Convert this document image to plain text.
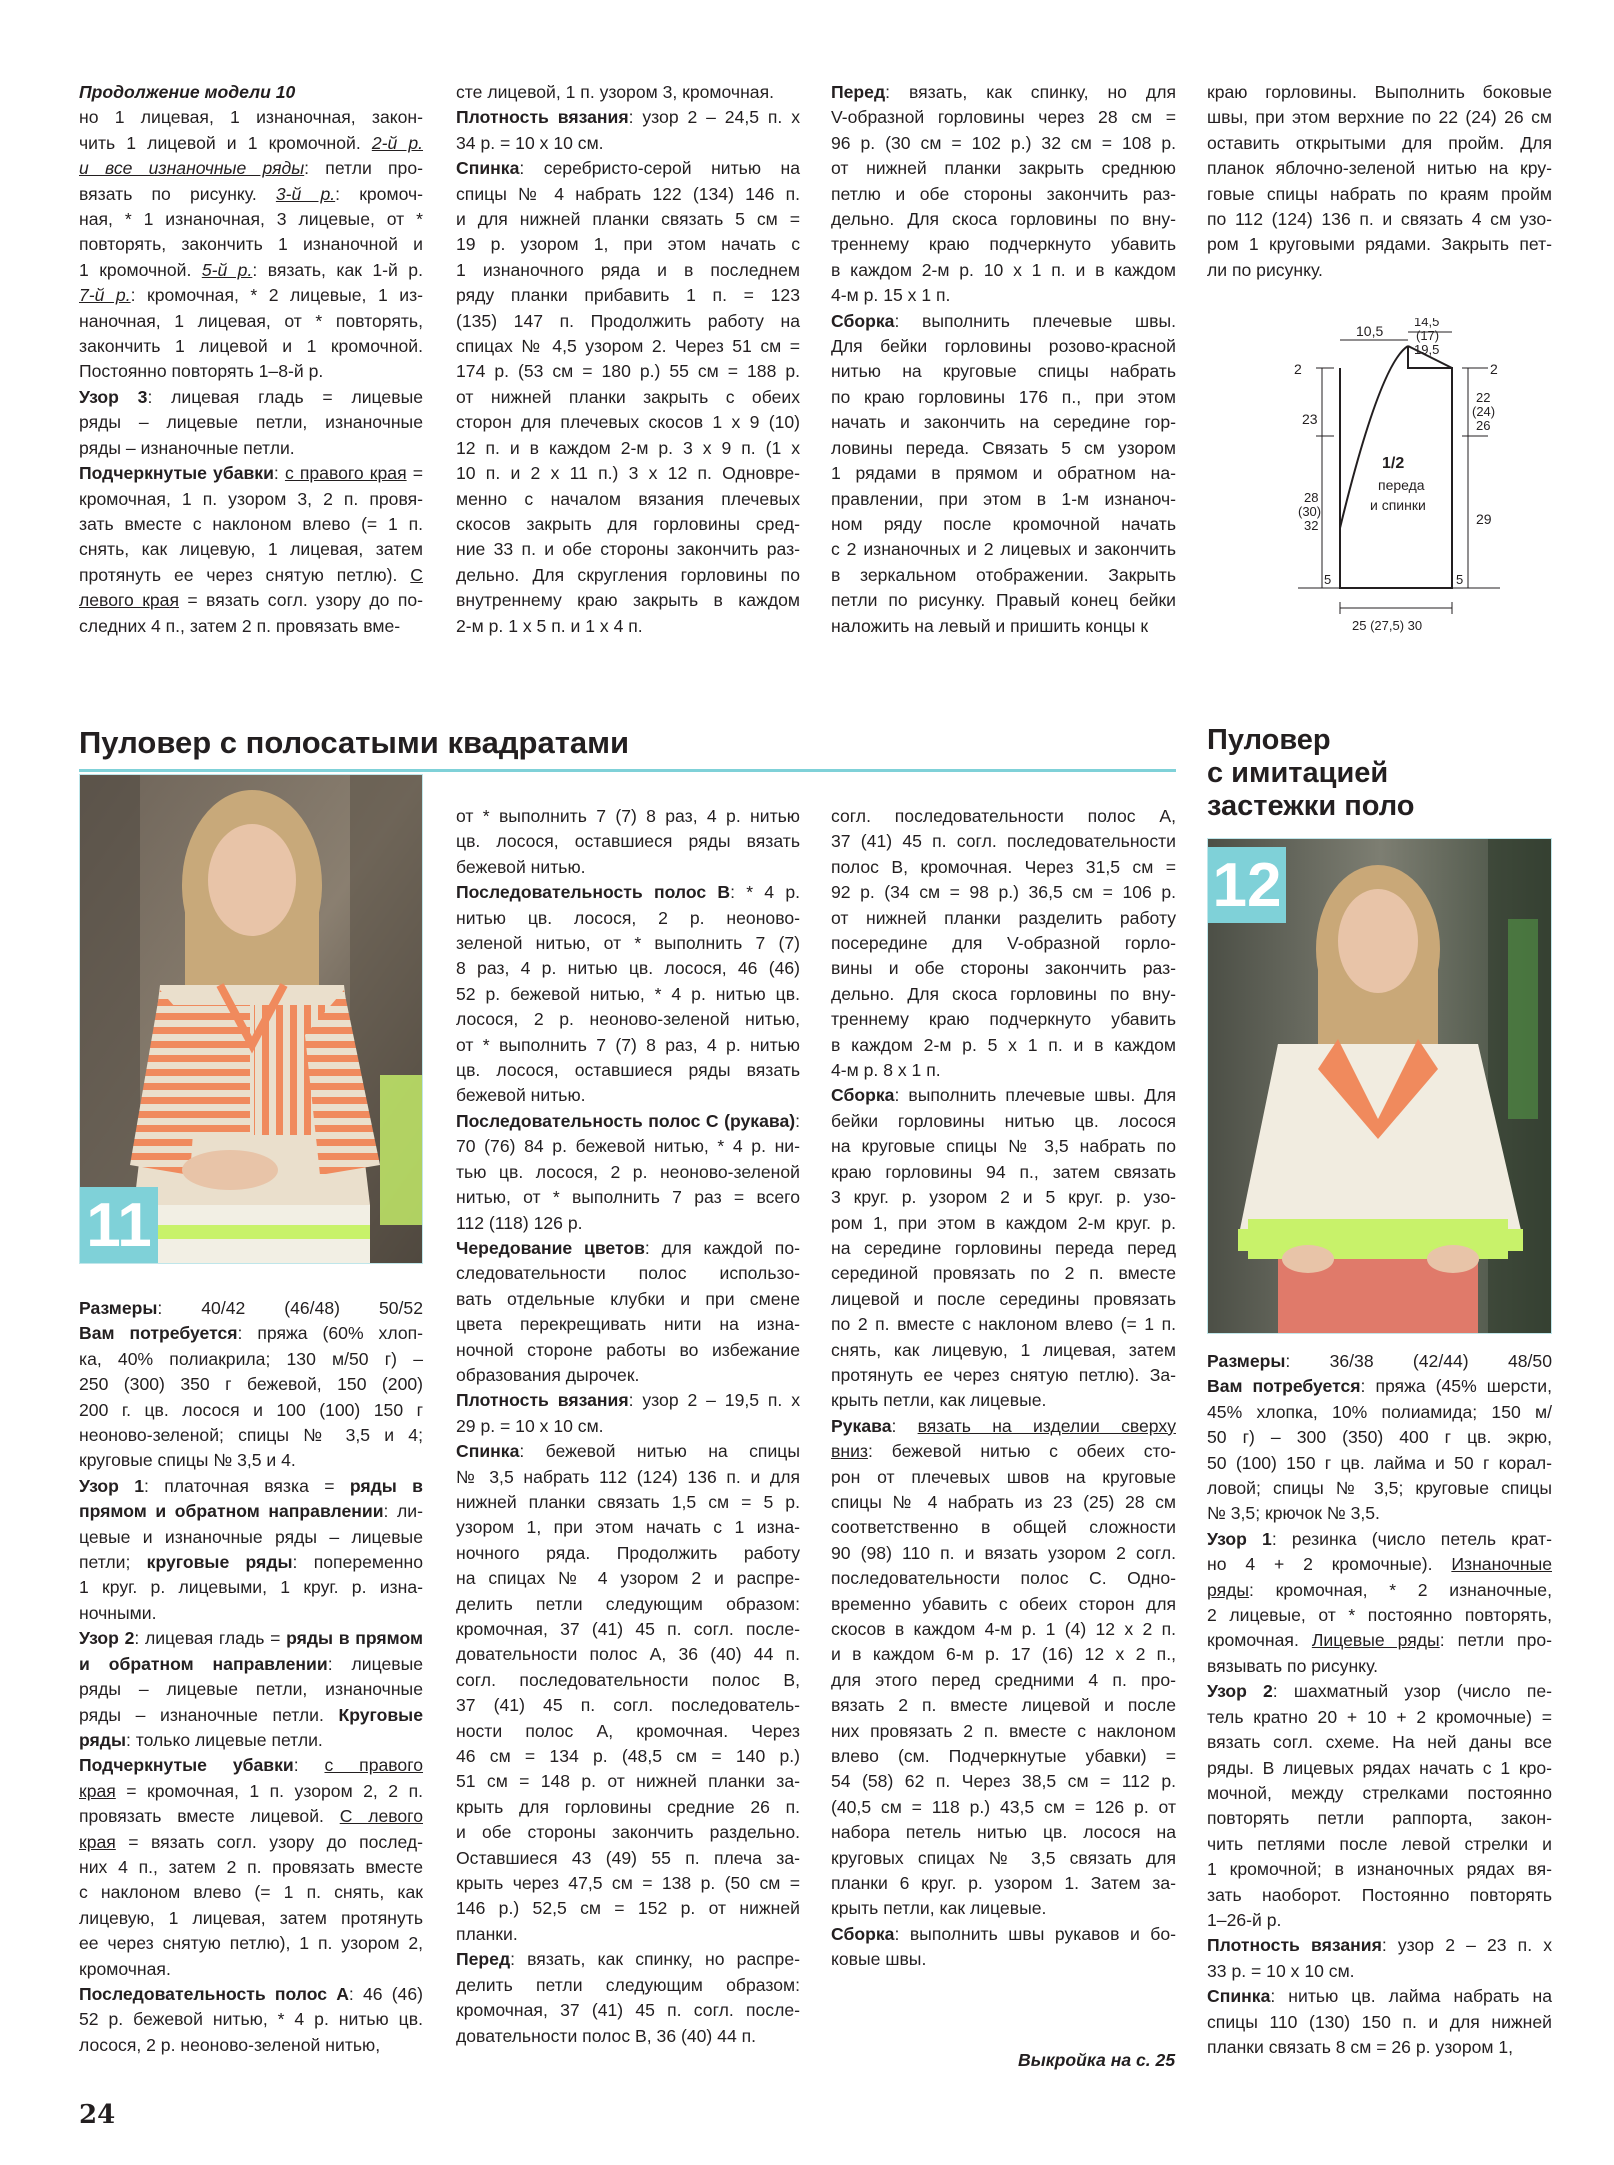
Продолжение модели 10

но 1 лицевая, 1 изнаночная, закон-

чить 1 лицевой и 1 кромочной. 2-й р.

и все изнаночные ряды: петли про-

вязать по рисунку. 3-й р.: кромоч-

ная, * 1 изнаночная, 3 лицевые, от *

повторять, закончить 1 изнаночной и

1 кромочной. 5-й р.: вязать, как 1-й р.

7-й р.: кромочная, * 2 лицевые, 1 из-

наночная, 1 лицевая, от * повторять,

закончить 1 лицевой и 1 кромочной.

Постоянно повторять 1–8-й р.

Узор 3: лицевая гладь = лицевые

ряды – лицевые петли, изнаночные

ряды – изнаночные петли.

Подчеркнутые убавки: с правого края =

кромочная, 1 п. узором 3, 2 п. провя-

зать вместе с наклоном влево (= 1 п.

снять, как лицевую, 1 лицевая, затем

протянуть ее через снятую петлю). С

левого края = вязать согл. узору до по-

следних 4 п., затем 2 п. провязать вме-

сте лицевой, 1 п. узором 3, кромочная.

Плотность вязания: узор 2 – 24,5 п. х

34 р. = 10 х 10 см.

Спинка: серебристо-серой нитью на

спицы № 4 набрать 122 (134) 146 п.

и для нижней планки связать 5 см =

19 р. узором 1, при этом начать с

1 изнаночного ряда и в последнем

ряду планки прибавить 1 п. = 123

(135) 147 п. Продолжить работу на

спицах № 4,5 узором 2. Через 51 см =

174 р. (53 см = 180 р.) 55 см = 188 р.

от нижней планки закрыть с обеих

сторон для плечевых скосов 1 х 9 (10)

12 п. и в каждом 2-м р. 3 х 9 п. (1 х

10 п. и 2 х 11 п.) 3 х 12 п. Одновре-

менно с началом вязания плечевых

скосов закрыть для горловины сред-

ние 33 п. и обе стороны закончить раз-

дельно. Для скругления горловины по

внутреннему краю закрыть в каждом

2-м р. 1 х 5 п. и 1 х 4 п.

Перед: вязать, как спинку, но для

V-образной горловины через 28 см =

96 р. (30 см = 102 р.) 32 см = 108 р.

от нижней планки закрыть среднюю

петлю и обе стороны закончить раз-

дельно. Для скоса горловины по вну-

треннему краю подчеркнуто убавить

в каждом 2-м р. 10 х 1 п. и в каждом

4-м р. 15 х 1 п.

Сборка: выполнить плечевые швы.

Для бейки горловины розово-красной

нитью на круговые спицы набрать

по краю горловины 176 п., при этом

начать и закончить на середине гор-

ловины переда. Связать 5 см узором

1 рядами в прямом и обратном на-

правлении, при этом в 1-м изнаноч-

ном ряду после кромочной начать

с 2 изнаночных и 2 лицевых и закончить

в зеркальном отображении. Закрыть

петли по рисунку. Правый конец бейки

наложить на левый и пришить концы к

краю горловины. Выполнить боковые

швы, при этом верхние по 22 (24) 26 см

оставить открытыми для пройм. Для

планок яблочно-зеленой нитью на кру-

говые спицы набрать по краям пройм

по 112 (124) 136 п. и связать 4 см узо-

ром 1 круговыми рядами. Закрыть пет-

ли по рисунку.

10,5
14,5
(17)
19,5
2	2
23
28
(30)
32
22
(24)
26
29
5	5
1/2
переда
и спинки
25 (27,5) 30
Пуловер с полосатыми квадратами
11

Размеры: 40/42 (46/48) 50/52

Вам потребуется: пряжа (60% хлоп-

ка, 40% полиакрила; 130 м/50 г) –

250 (300) 350 г бежевой, 150 (200)

200 г. цв. лосося и 100 (100) 150 г

неоново-зеленой; спицы № 3,5 и 4;

круговые спицы № 3,5 и 4.

Узор 1: платочная вязка = ряды в

прямом и обратном направлении: ли-

цевые и изнаночные ряды – лицевые

петли; круговые ряды: попеременно

1 круг. р. лицевыми, 1 круг. р. изна-

ночными.

Узор 2: лицевая гладь = ряды в прямом

и обратном направлении: лицевые

ряды – лицевые петли, изнаночные

ряды – изнаночные петли. Круговые

ряды: только лицевые петли.

Подчеркнутые убавки: с правого

края = кромочная, 1 п. узором 2, 2 п.

провязать вместе лицевой. С левого

края = вязать согл. узору до послед-

них 4 п., затем 2 п. провязать вместе

с наклоном влево (= 1 п. снять, как

лицевую, 1 лицевая, затем протянуть

ее через снятую петлю), 1 п. узором 2,

кромочная.

Последовательность полос А: 46 (46)

52 р. бежевой нитью, * 4 р. нитью цв.

лосося, 2 р. неоново-зеленой нитью,

от * выполнить 7 (7) 8 раз, 4 р. нитью

цв. лосося, оставшиеся ряды вязать

бежевой нитью.

Последовательность полос В: * 4 р.

нитью цв. лосося, 2 р. неоново-

зеленой нитью, от * выполнить 7 (7)

8 раз, 4 р. нитью цв. лосося, 46 (46)

52 р. бежевой нитью, * 4 р. нитью цв.

лосося, 2 р. неоново-зеленой нитью,

от * выполнить 7 (7) 8 раз, 4 р. нитью

цв. лосося, оставшиеся ряды вязать

бежевой нитью.

Последовательность полос С (рукава):

70 (76) 84 р. бежевой нитью, * 4 р. ни-

тью цв. лосося, 2 р. неоново-зеленой

нитью, от * выполнить 7 раз = всего

112 (118) 126 р.

Чередование цветов: для каждой по-

следовательности полос использо-

вать отдельные клубки и при смене

цвета перекрещивать нити на изна-

ночной стороне работы во избежание

образования дырочек.

Плотность вязания: узор 2 – 19,5 п. х

29 р. = 10 х 10 см.

Спинка: бежевой нитью на спицы

№ 3,5 набрать 112 (124) 136 п. и для

нижней планки связать 1,5 см = 5 р.

узором 1, при этом начать с 1 изна-

ночного ряда. Продолжить работу

на спицах № 4 узором 2 и распре-

делить петли следующим образом:

кромочная, 37 (41) 45 п. согл. после-

довательности полос А, 36 (40) 44 п.

согл. последовательности полос В,

37 (41) 45 п. согл. последователь-

ности полос А, кромочная. Через

46 см = 134 р. (48,5 см = 140 р.)

51 см = 148 р. от нижней планки за-

крыть для горловины средние 26 п.

и обе стороны закончить раздельно.

Оставшиеся 43 (49) 55 п. плеча за-

крыть через 47,5 см = 138 р. (50 см =

146 р.) 52,5 см = 152 р. от нижней

планки.

Перед: вязать, как спинку, но распре-

делить петли следующим образом:

кромочная, 37 (41) 45 п. согл. после-

довательности полос В, 36 (40) 44 п.

согл. последовательности полос А,

37 (41) 45 п. согл. последовательности

полос В, кромочная. Через 31,5 см =

92 р. (34 см = 98 р.) 36,5 см = 106 р.

от нижней планки разделить работу

посередине для V-образной горло-

вины и обе стороны закончить раз-

дельно. Для скоса горловины по вну-

треннему краю подчеркнуто убавить

в каждом 2-м р. 5 х 1 п. и в каждом

4-м р. 8 х 1 п.

Сборка: выполнить плечевые швы. Для

бейки горловины нитью цв. лосося

на круговые спицы № 3,5 набрать по

краю горловины 94 п., затем связать

3 круг. р. узором 2 и 5 круг. р. узо-

ром 1, при этом в каждом 2-м круг. р.

на середине горловины переда перед

серединой провязать по 2 п. вместе

лицевой и после середины провязать

по 2 п. вместе с наклоном влево (= 1 п.

снять, как лицевую, 1 лицевая, затем

протянуть ее через снятую петлю). За-

крыть петли, как лицевые.

Рукава: вязать на изделии сверху

вниз: бежевой нитью с обеих сто-

рон от плечевых швов на круговые

спицы № 4 набрать из 23 (25) 28 см

соответственно в общей сложности

90 (98) 110 п. и вязать узором 2 согл.

последовательности полос С. Одно-

временно убавить с обеих сторон для

скосов в каждом 4-м р. 1 (4) 12 х 2 п.

и в каждом 6-м р. 17 (16) 12 х 2 п.,

для этого перед средними 4 п. про-

вязать 2 п. вместе лицевой и после

них провязать 2 п. вместе с наклоном

влево (см. Подчеркнутые убавки) =

54 (58) 62 п. Через 38,5 см = 112 р.

(40,5 см = 118 р.) 43,5 см = 126 р. от

набора петель нитью цв. лосося на

круговых спицах № 3,5 связать для

планки 6 круг. р. узором 1. Затем за-

крыть петли, как лицевые.

Сборка: выполнить швы рукавов и бо-

ковые швы.

Выкройка на с. 25
Пуловер
с имитацией
застежки поло
12

Размеры: 36/38 (42/44) 48/50

Вам потребуется: пряжа (45% шерсти,

45% хлопка, 10% полиамида; 150 м/

50 г) – 300 (350) 400 г цв. экрю,

50 (100) 150 г цв. лайма и 50 г корал-

ловой; спицы № 3,5; круговые спицы

№ 3,5; крючок № 3,5.

Узор 1: резинка (число петель крат-

но 4 + 2 кромочные). Изнаночные

ряды: кромочная, * 2 изнаночные,

2 лицевые, от * постоянно повторять,

кромочная. Лицевые ряды: петли про-

вязывать по рисунку.

Узор 2: шахматный узор (число пе-

тель кратно 20 + 10 + 2 кромочные) =

вязать согл. схеме. На ней даны все

ряды. В лицевых рядах начать с 1 кро-

мочной, между стрелками постоянно

повторять петли раппорта, закон-

чить петлями после левой стрелки и

1 кромочной; в изнаночных рядах вя-

зать наоборот. Постоянно повторять

1–26-й р.

Плотность вязания: узор 2 – 23 п. х

33 р. = 10 х 10 см.

Спинка: нитью цв. лайма набрать на

спицы 110 (130) 150 п. и для нижней

планки связать 8 см = 26 р. узором 1,

24
